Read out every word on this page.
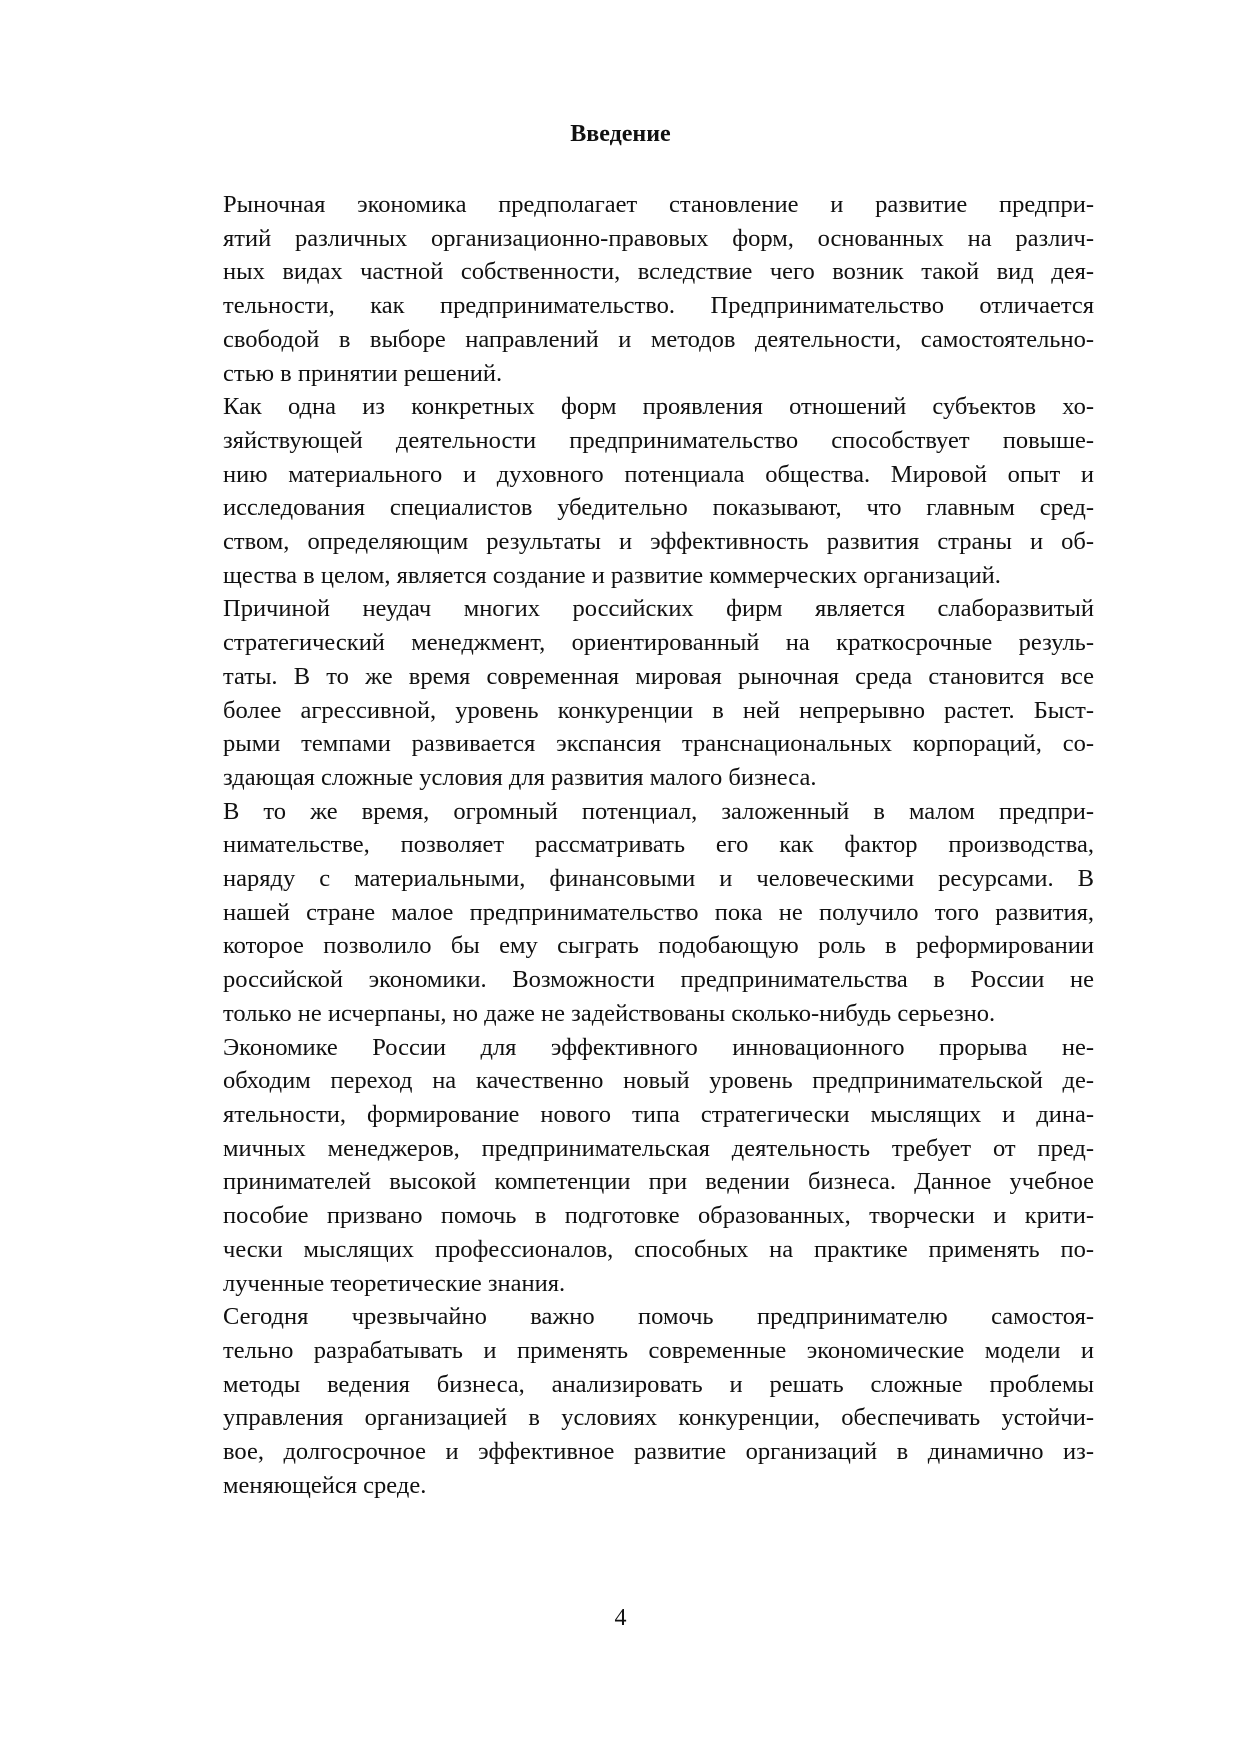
Введение

Рыночная экономика предполагает становление и развитие предпри-
ятий различных организационно-правовых форм, основанных на различ-
ных видах частной собственности, вследствие чего возник такой вид дея-
тельности, как предпринимательство. Предпринимательство отличается
свободой в выборе направлений и методов деятельности, самостоятельно-
стью в принятии решений.

Как одна из конкретных форм проявления отношений субъектов хо-
зяйствующей деятельности предпринимательство способствует повыше-
нию материального и духовного потенциала общества. Мировой опыт и
исследования специалистов убедительно показывают, что главным сред-
ством, определяющим результаты и эффективность развития страны и об-
щества в целом, является создание и развитие коммерческих организаций.

Причиной неудач многих российских фирм является слаборазвитый
стратегический менеджмент, ориентированный на краткосрочные резуль-
таты. В то же время современная мировая рыночная среда становится все
более агрессивной, уровень конкуренции в ней непрерывно растет. Быст-
рыми темпами развивается экспансия транснациональных корпораций, со-
здающая сложные условия для развития малого бизнеса.

В то же время, огромный потенциал, заложенный в малом предпри-
нимательстве, позволяет рассматривать его как фактор производства,
наряду с материальными, финансовыми и человеческими ресурсами. В
нашей стране малое предпринимательство пока не получило того развития,
которое позволило бы ему сыграть подобающую роль в реформировании
российской экономики. Возможности предпринимательства в России не
только не исчерпаны, но даже не задействованы сколько-нибудь серьезно.

Экономике России для эффективного инновационного прорыва не-
обходим переход на качественно новый уровень предпринимательской де-
ятельности, формирование нового типа стратегически мыслящих и дина-
мичных менеджеров, предпринимательская деятельность требует от пред-
принимателей высокой компетенции при ведении бизнеса. Данное учебное
пособие призвано помочь в подготовке образованных, творчески и крити-
чески мыслящих профессионалов, способных на практике применять по-
лученные теоретические знания.

Сегодня чрезвычайно важно помочь предпринимателю самостоя-
тельно разрабатывать и применять современные экономические модели и
методы ведения бизнеса, анализировать и решать сложные проблемы
управления организацией в условиях конкуренции, обеспечивать устойчи-
вое, долгосрочное и эффективное развитие организаций в динамично из-
меняющейся среде.

4
